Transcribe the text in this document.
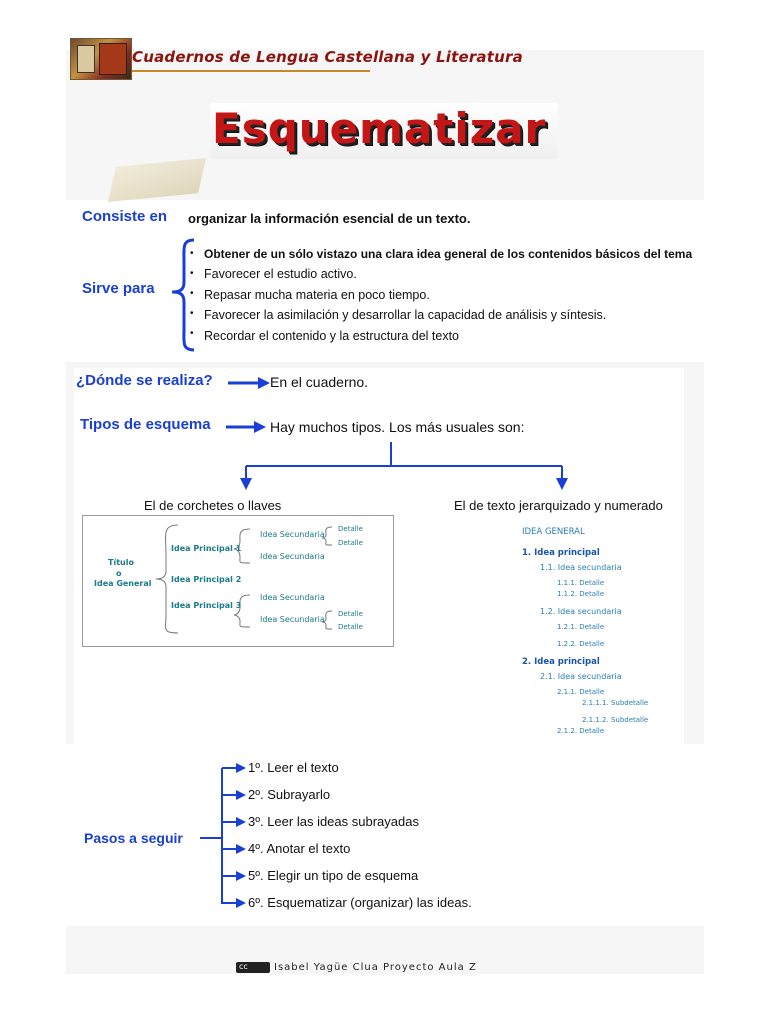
Cuadernos de Lengua Castellana y Literatura
Esquematizar
Consiste en organizar la información esencial de un texto.
Sirve para
• Obtener de un sólo vistazo una clara idea general de los contenidos básicos del tema
• Favorecer el estudio activo.
• Repasar mucha materia en poco tiempo.
• Favorecer la asimilación y desarrollar la capacidad de análisis y síntesis.
• Recordar el contenido y la estructura del texto
¿Dónde se realiza?	En el cuaderno.
Tipos de esquema	Hay muchos tipos. Los más usuales son:
El de corchetes o llaves	El de texto jerarquizado y numerado
Título
o
Idea General
Idea Principal 1
Idea Principal 2
Idea Principal 3
Idea Secundaria
Idea Secundaria
Idea Secundaria
Idea Secundaria
Detalle
Detalle
Detalle
Detalle
IDEA GENERAL
1. Idea principal
1.1. Idea secundaria
1.1.1. Detalle
1.1.2. Detalle
1.2. Idea secundaria
1.2.1. Detalle
1.2.2. Detalle
2. Idea principal
2.1. Idea secundaria
2.1.1. Detalle
2.1.1.1. Subdetalle
2.1.1.2. Subdetalle
2.1.2. Detalle
Pasos a seguir
1º. Leer el texto
2º. Subrayarlo
3º. Leer las ideas subrayadas
4º. Anotar el texto
5º. Elegir un tipo de esquema
6º. Esquematizar (organizar) las ideas.
cc	Isabel Yagüe Clua Proyecto Aula Z
